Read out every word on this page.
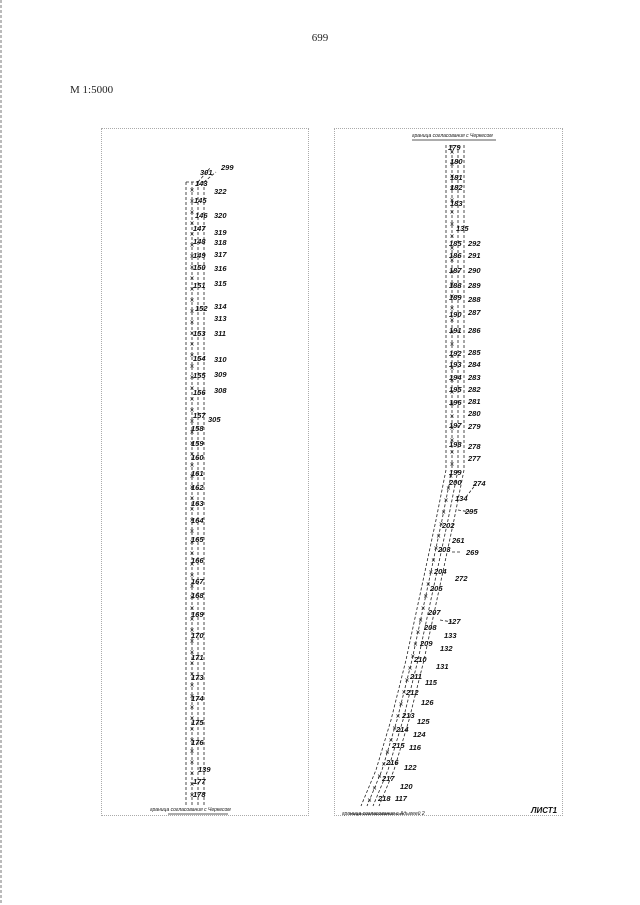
699
М 1:5000
299
301
143
322
145
146 320
147 319
148 318
149 317
150 316
151 315
152 314
313
153 311
154 310
155 309
156 308
157 305
158
159
160
161
162
163
164
165
166
167
168
169
170
171
173
174
175
176
139
177
178
граница согласования с Черкесом
179
180
181
182
183
135
185 292
186 291
187 290
188 289
189 288
190 287
191 286
192 285
193 284
194 283
195 282
196 281
280
197 279
198 278
277
199
200 274
134
295
202
261
203 269
204
272
205
207
127
208
133
209
132
210
131
211
115
212
126
213
125
214
124
215 116
216
122
217
120
218 117
граница согласования с Черкесом
граница согласования с Адыгеей 2	ЛИСТ1
